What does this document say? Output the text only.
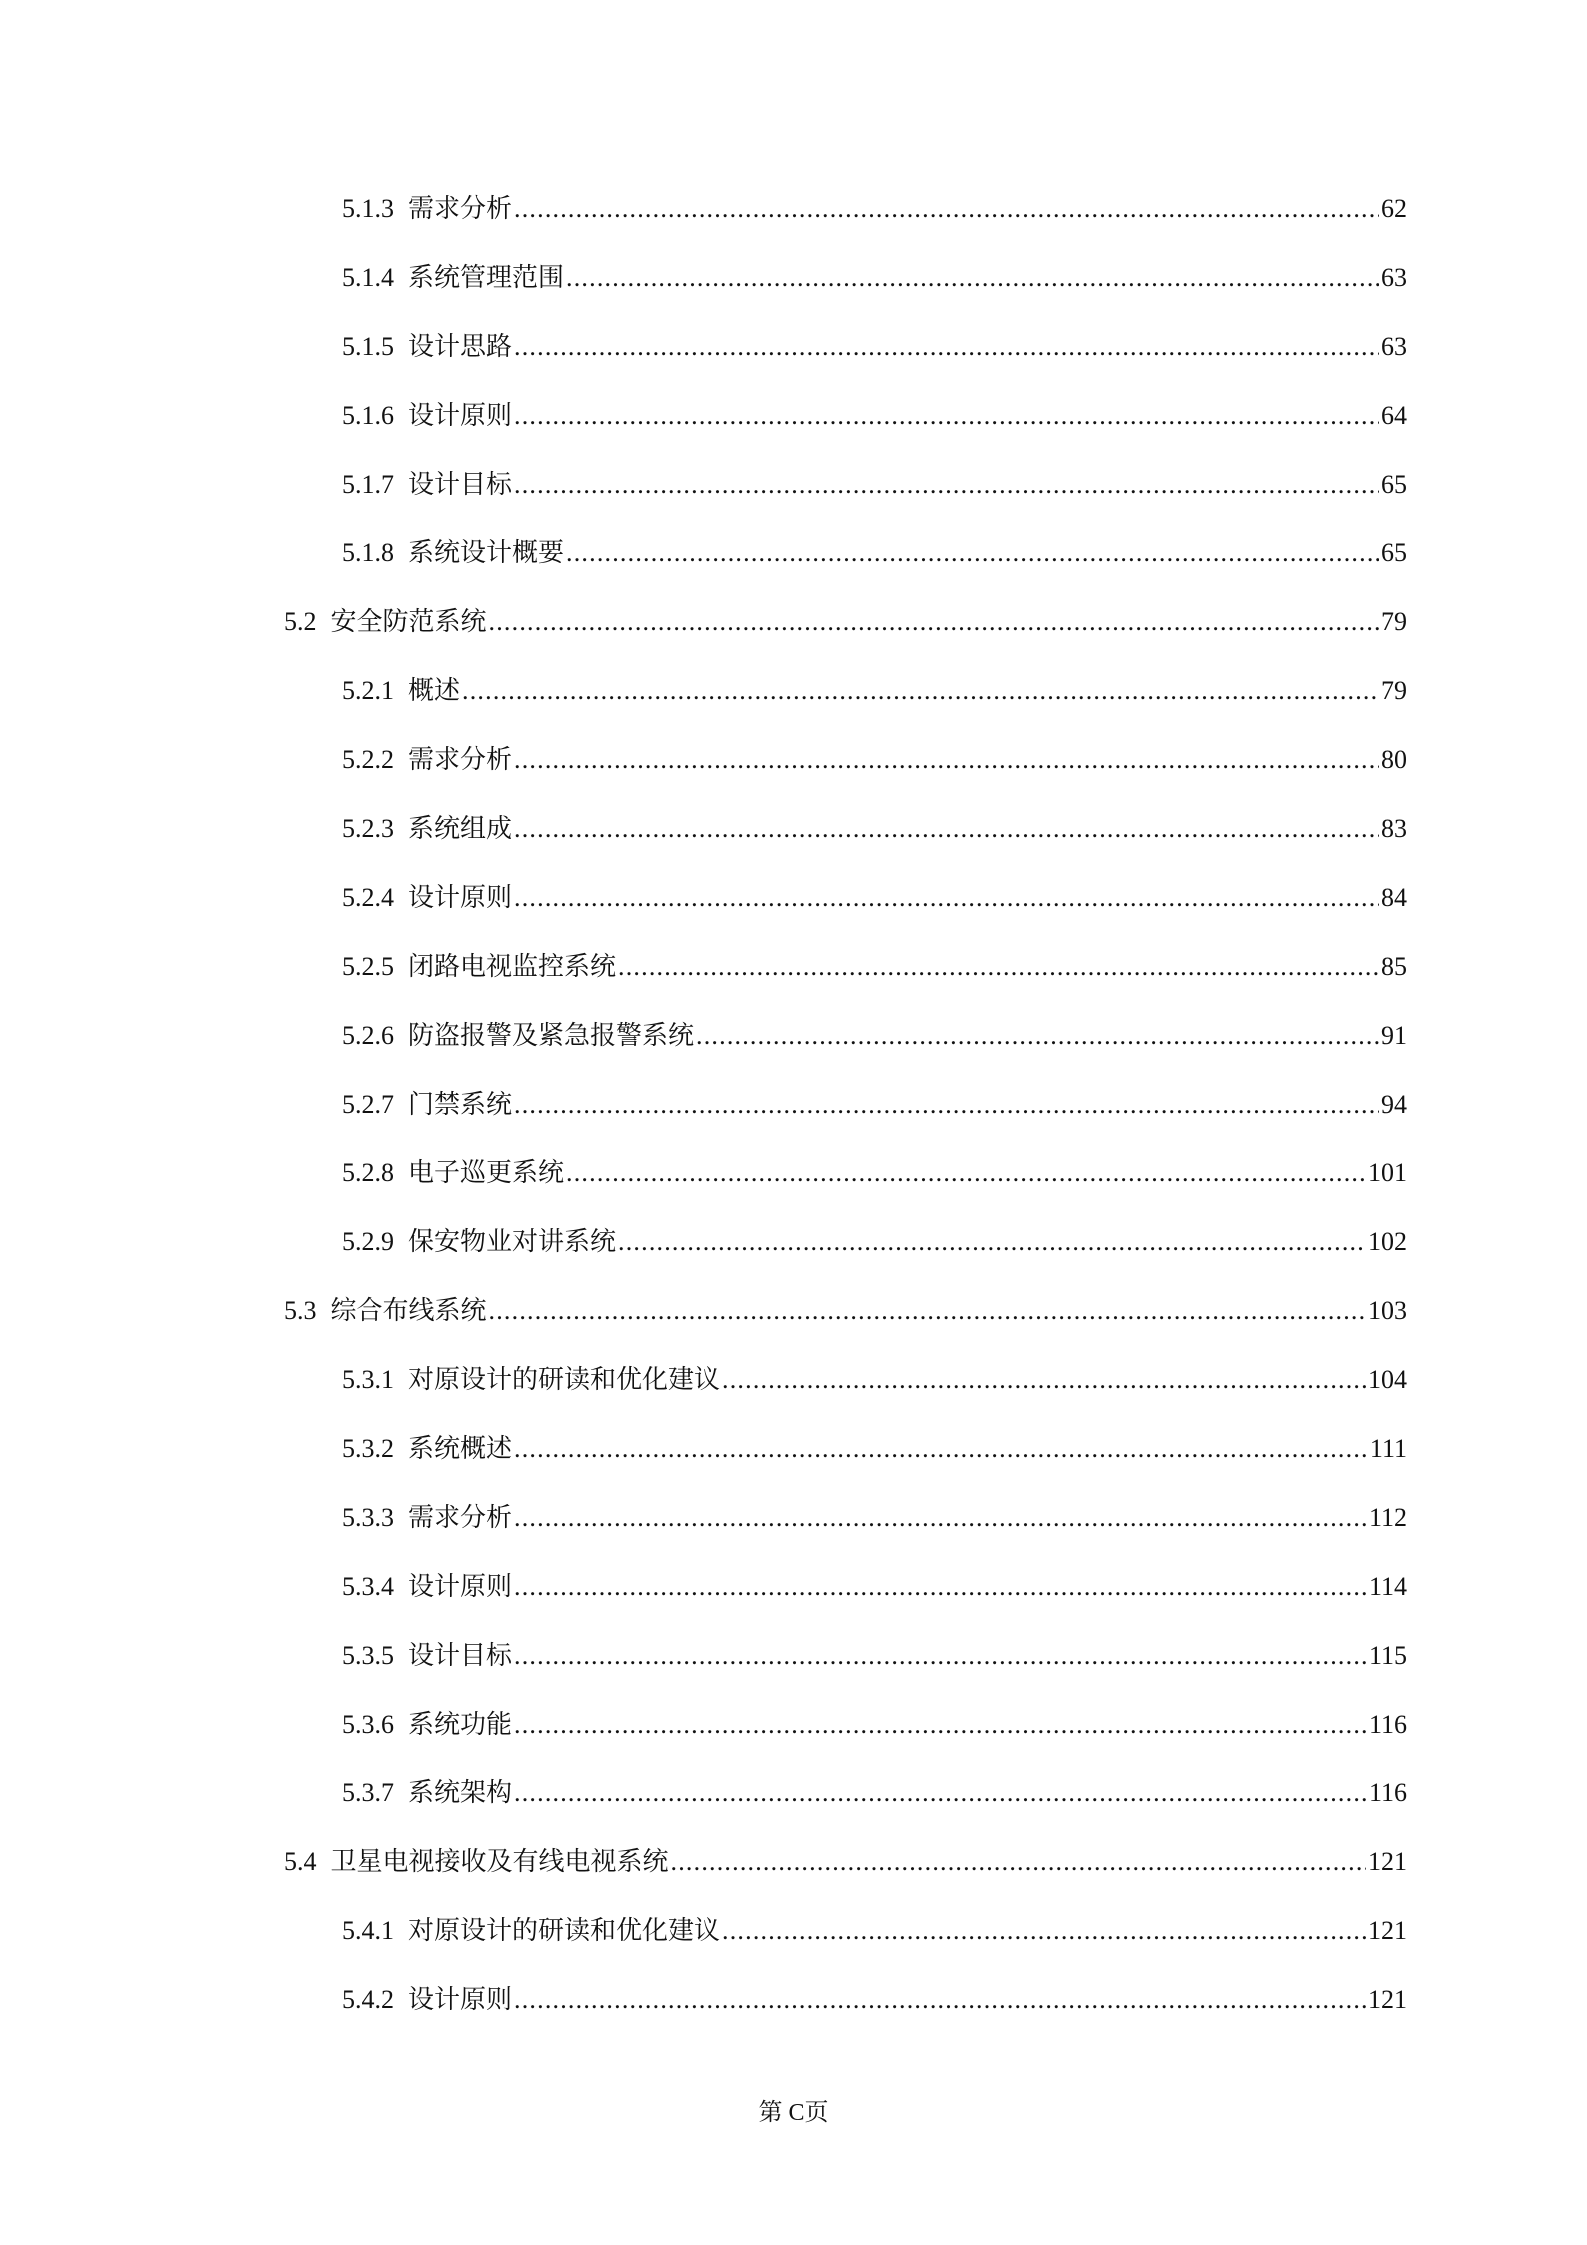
5.1.3 需求分析 .....	62
5.1.4 系统管理范围 .....	63
5.1.5 设计思路 .....	63
5.1.6 设计原则 .....	64
5.1.7 设计目标 .....	65
5.1.8 系统设计概要 .....	65
5.2 安全防范系统 .....	79
5.2.1 概述 .....	79
5.2.2 需求分析 .....	80
5.2.3 系统组成 .....	83
5.2.4 设计原则 .....	84
5.2.5 闭路电视监控系统 .....	85
5.2.6 防盗报警及紧急报警系统 .....	91
5.2.7 门禁系统 .....	94
5.2.8 电子巡更系统 .....	101
5.2.9 保安物业对讲系统 .....	102
5.3 综合布线系统 .....	103
5.3.1 对原设计的研读和优化建议 .....	104
5.3.2 系统概述 .....	111
5.3.3 需求分析 .....	112
5.3.4 设计原则 .....	114
5.3.5 设计目标 .....	115
5.3.6 系统功能 .....	116
5.3.7 系统架构 .....	116
5.4 卫星电视接收及有线电视系统 .....	121
5.4.1 对原设计的研读和优化建议 .....	121
5.4.2 设计原则 .....	121
第 C页
